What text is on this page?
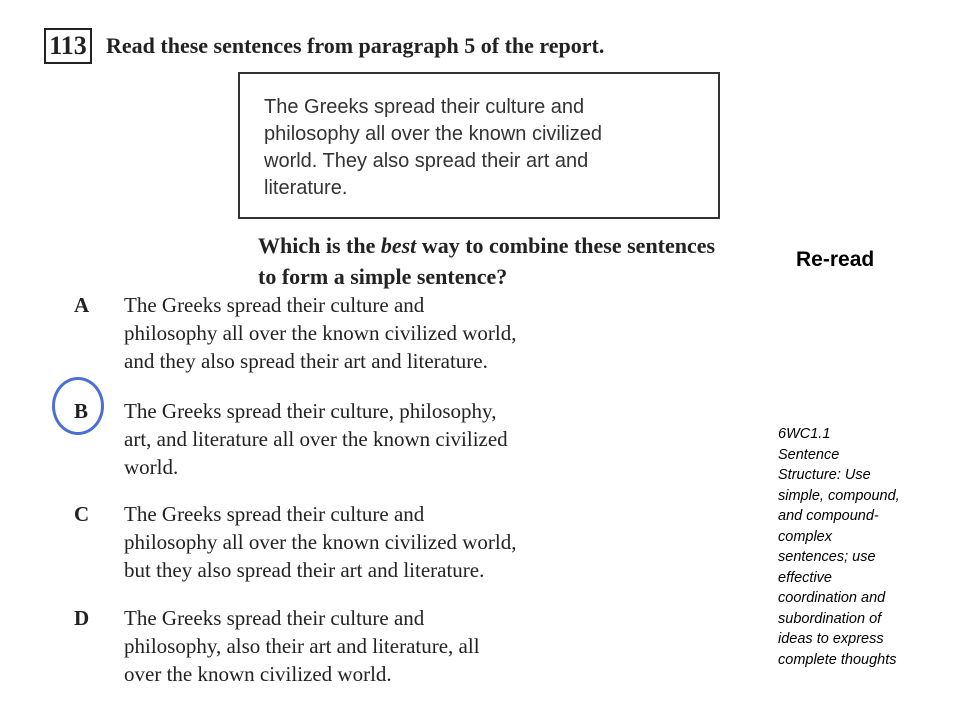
113 Read these sentences from paragraph 5 of the report.
The Greeks spread their culture and
philosophy all over the known civilized
world. They also spread their art and
literature.
Which is the best way to combine these sentences to form a simple sentence?
A The Greeks spread their culture and
philosophy all over the known civilized world,
and they also spread their art and literature.
B The Greeks spread their culture, philosophy,
art, and literature all over the known civilized
world.
C The Greeks spread their culture and
philosophy all over the known civilized world,
but they also spread their art and literature.
D The Greeks spread their culture and
philosophy, also their art and literature, all
over the known civilized world.
Re-read
6WC1.1
Sentence
Structure: Use
simple, compound,
and compound-
complex
sentences; use
effective
coordination and
subordination of
ideas to express
complete thoughts
